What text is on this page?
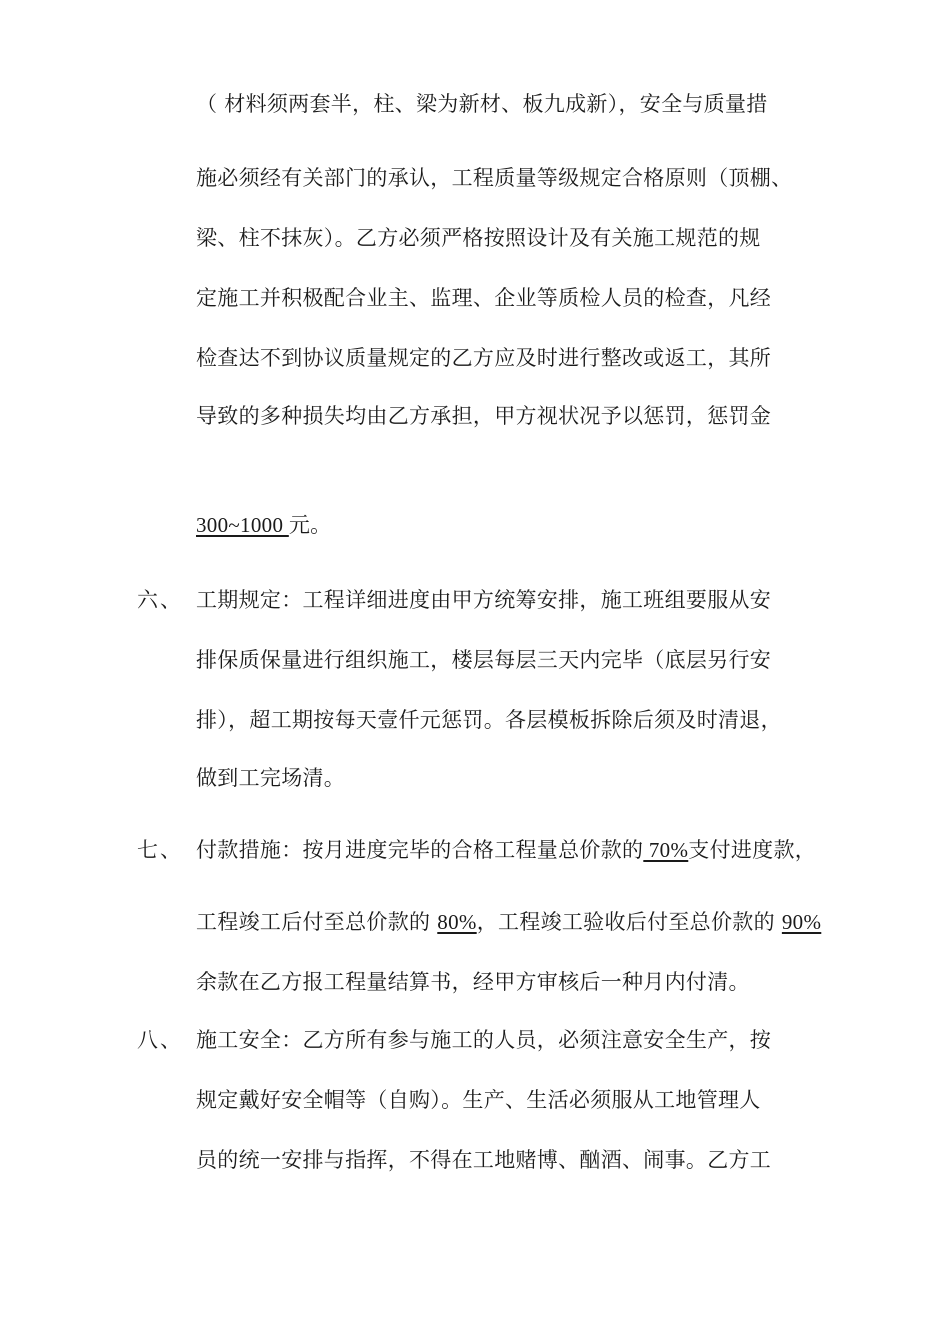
（ 材料须两套半，柱、梁为新材、板九成新），安全与质量措
施必须经有关部门的承认，工程质量等级规定合格原则（顶棚、
梁、柱不抹灰）。乙方必须严格按照设计及有关施工规范的规
定施工并积极配合业主、监理、企业等质检人员的检查，凡经
检查达不到协议质量规定的乙方应及时进行整改或返工，其所
导致的多种损失均由乙方承担，甲方视状况予以惩罚，惩罚金
300~1000 元。
六、 工期规定：工程详细进度由甲方统筹安排，施工班组要服从安
排保质保量进行组织施工，楼层每层三天内完毕（底层另行安
排），超工期按每天壹仟元惩罚。各层模板拆除后须及时清退，
做到工完场清。
七、 付款措施：按月进度完毕的合格工程量总价款的 70%支付进度款，
工程竣工后付至总价款的 80%，工程竣工验收后付至总价款的 90%
余款在乙方报工程量结算书，经甲方审核后一种月内付清。
八、 施工安全：乙方所有参与施工的人员，必须注意安全生产，按
规定戴好安全帽等（自购）。生产、生活必须服从工地管理人
员的统一安排与指挥，不得在工地赌博、酗酒、闹事。乙方工
